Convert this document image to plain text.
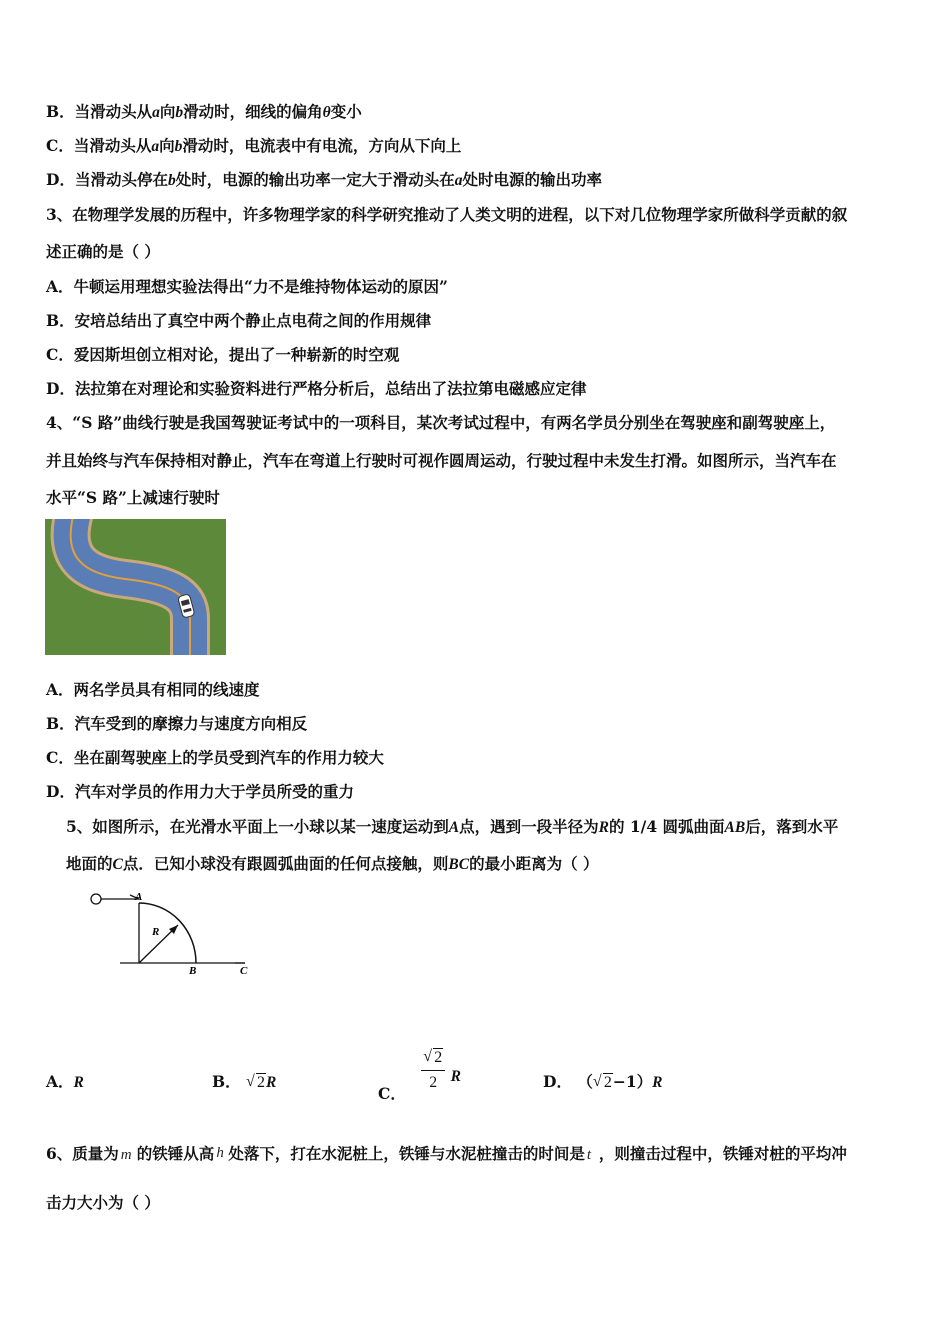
B．当滑动头从a向b滑动时，细线的偏角θ变小
C．当滑动头从a向b滑动时，电流表中有电流，方向从下向上
D．当滑动头停在b处时，电源的输出功率一定大于滑动头在a处时电源的输出功率
3、在物理学发展的历程中，许多物理学家的科学研究推动了人类文明的进程，以下对几位物理学家所做科学贡献的叙
述正确的是（ ）
A．牛顿运用理想实验法得出“力不是维持物体运动的原因”
B．安培总结出了真空中两个静止点电荷之间的作用规律
C．爱因斯坦创立相对论，提出了一种崭新的时空观
D．法拉第在对理论和实验资料进行严格分析后，总结出了法拉第电磁感应定律
4、“S 路”曲线行驶是我国驾驶证考试中的一项科目，某次考试过程中，有两名学员分别坐在驾驶座和副驾驶座上，
并且始终与汽车保持相对静止，汽车在弯道上行驶时可视作圆周运动，行驶过程中未发生打滑。如图所示，当汽车在
水平“S 路”上减速行驶时
A．两名学员具有相同的线速度
B．汽车受到的摩擦力与速度方向相反
C．坐在副驾驶座上的学员受到汽车的作用力较大
D．汽车对学员的作用力大于学员所受的重力
5、如图所示，在光滑水平面上一小球以某一速度运动到A点，遇到一段半径为R的 1/4 圆弧曲面AB后，落到水平
地面的C点．已知小球没有跟圆弧曲面的任何点接触，则BC的最小距离为（ ）
A
R
B	C
A．R	B． √ 2R
C． √ $\frac{2}{2}$ R	D． （ √ 2−1）R
6、质量为 m 的铁锤从高 h 处落下，打在水泥桩上，铁锤与水泥桩撞击的时间是 t ，则撞击过程中，铁锤对桩的平均冲
击力大小为（ ）
